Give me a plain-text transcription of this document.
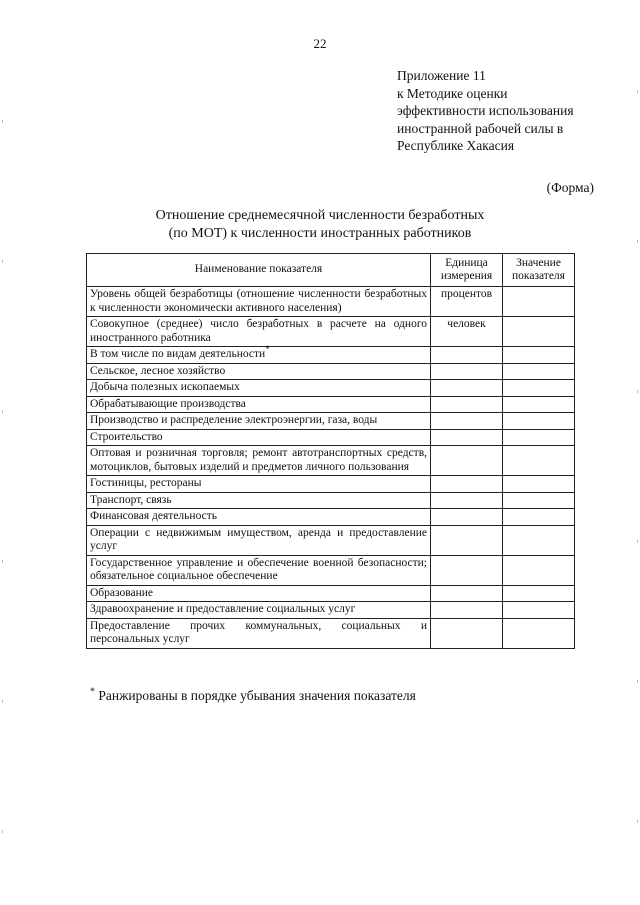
22
Приложение 11
к Методике оценки
эффективности использования
иностранной рабочей силы в
Республике Хакасия
(Форма)
Отношение среднемесячной численности безработных
(по МОТ) к численности иностранных работников
Наименование показателя	Единица измерения	Значение показателя
Уровень общей безработицы (отношение численности безработных к численности экономически активного населения)	процентов	
Совокупное (среднее) число безработных в расчете на одного иностранного работника	человек	
В том числе по видам деятельности*		
Сельское, лесное хозяйство		
Добыча полезных ископаемых		
Обрабатывающие производства		
Производство и распределение электроэнергии, газа, воды		
Строительство		
Оптовая и розничная торговля; ремонт автотранспортных средств, мотоциклов, бытовых изделий и предметов личного пользования		
Гостиницы, рестораны		
Транспорт, связь		
Финансовая деятельность		
Операции с недвижимым имуществом, аренда и предоставление услуг		
Государственное управление и обеспечение военной безопасности; обязательное социальное обеспечение		
Образование		
Здравоохранение и предоставление социальных услуг		
Предоставление прочих коммунальных, социальных и персональных услуг		
* Ранжированы в порядке убывания значения показателя
